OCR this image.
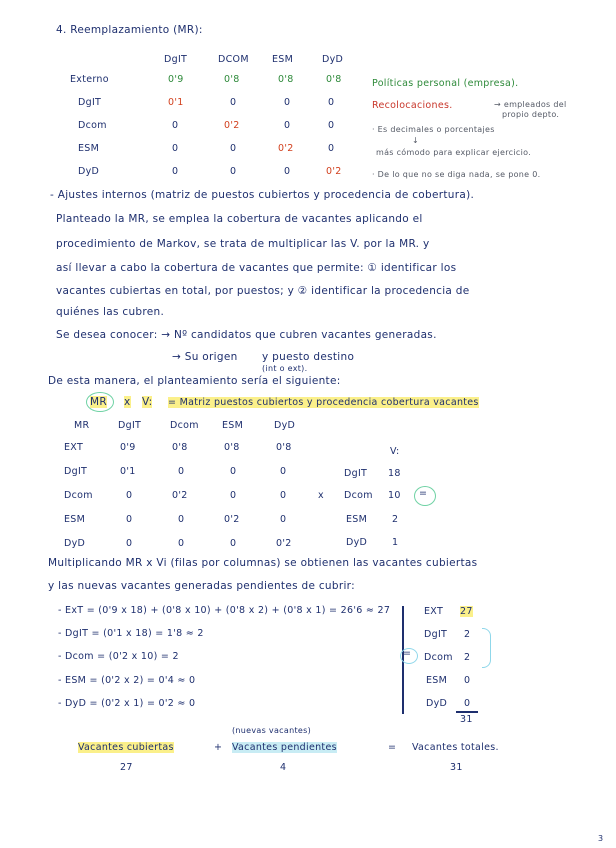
4. Reemplazamiento (MR):
DgIT	DCOM ESM	DyD
Externo	0'9	0'8	0'8	0'8
DgIT	0'1	0	0	0
Dcom	0	0'2	0	0
ESM	0	0	0'2	0
DyD	0	0	0	0'2
Políticas personal (empresa).
Recolocaciones.	→ empleados del
propio depto.
· Es decimales o porcentajes
↓
más cómodo para explicar ejercicio.
· De lo que no se diga nada, se pone 0.
- Ajustes internos (matriz de puestos cubiertos y procedencia de cobertura).
Planteado la MR, se emplea la cobertura de vacantes aplicando el
procedimiento de Markov, se trata de multiplicar las V. por la MR. y
así llevar a cabo la cobertura de vacantes que permite: ① identificar los
vacantes cubiertas en total, por puestos; y ② identificar la procedencia de
quiénes las cubren.
Se desea conocer: → Nº candidatos que cubren vacantes generadas.
→ Su origen y puesto destino
(int o ext).
De esta manera, el planteamiento sería el siguiente:
MR x V: = Matriz puestos cubiertos y procedencia cobertura vacantes
MR	DgIT	Dcom ESM	DyD
EXT	0'9	0'8	0'8	0'8
DgIT	0'1	0	0	0
Dcom	0	0'2	0	0
ESM	0	0	0'2	0
DyD	0	0	0	0'2
x
V:
DgIT 18
Dcom 10
ESM	2
DyD	1
=
Multiplicando MR x Vi (filas por columnas) se obtienen las vacantes cubiertas
y las nuevas vacantes generadas pendientes de cubrir:
- ExT = (0'9 x 18) + (0'8 x 10) + (0'8 x 2) + (0'8 x 1) = 26'6 ≈ 27
- DgIT = (0'1 x 18) = 1'8 ≈ 2
- Dcom = (0'2 x 10) = 2
- ESM = (0'2 x 2) = 0'4 ≈ 0
- DyD = (0'2 x 1) = 0'2 ≈ 0
EXT 27
DgIT 2
Dcom 2
ESM 0
DyD 0
31
=
(nuevas vacantes)
Vacantes cubiertas	+ Vacantes pendientes	= Vacantes totales.
27	4	31
3
